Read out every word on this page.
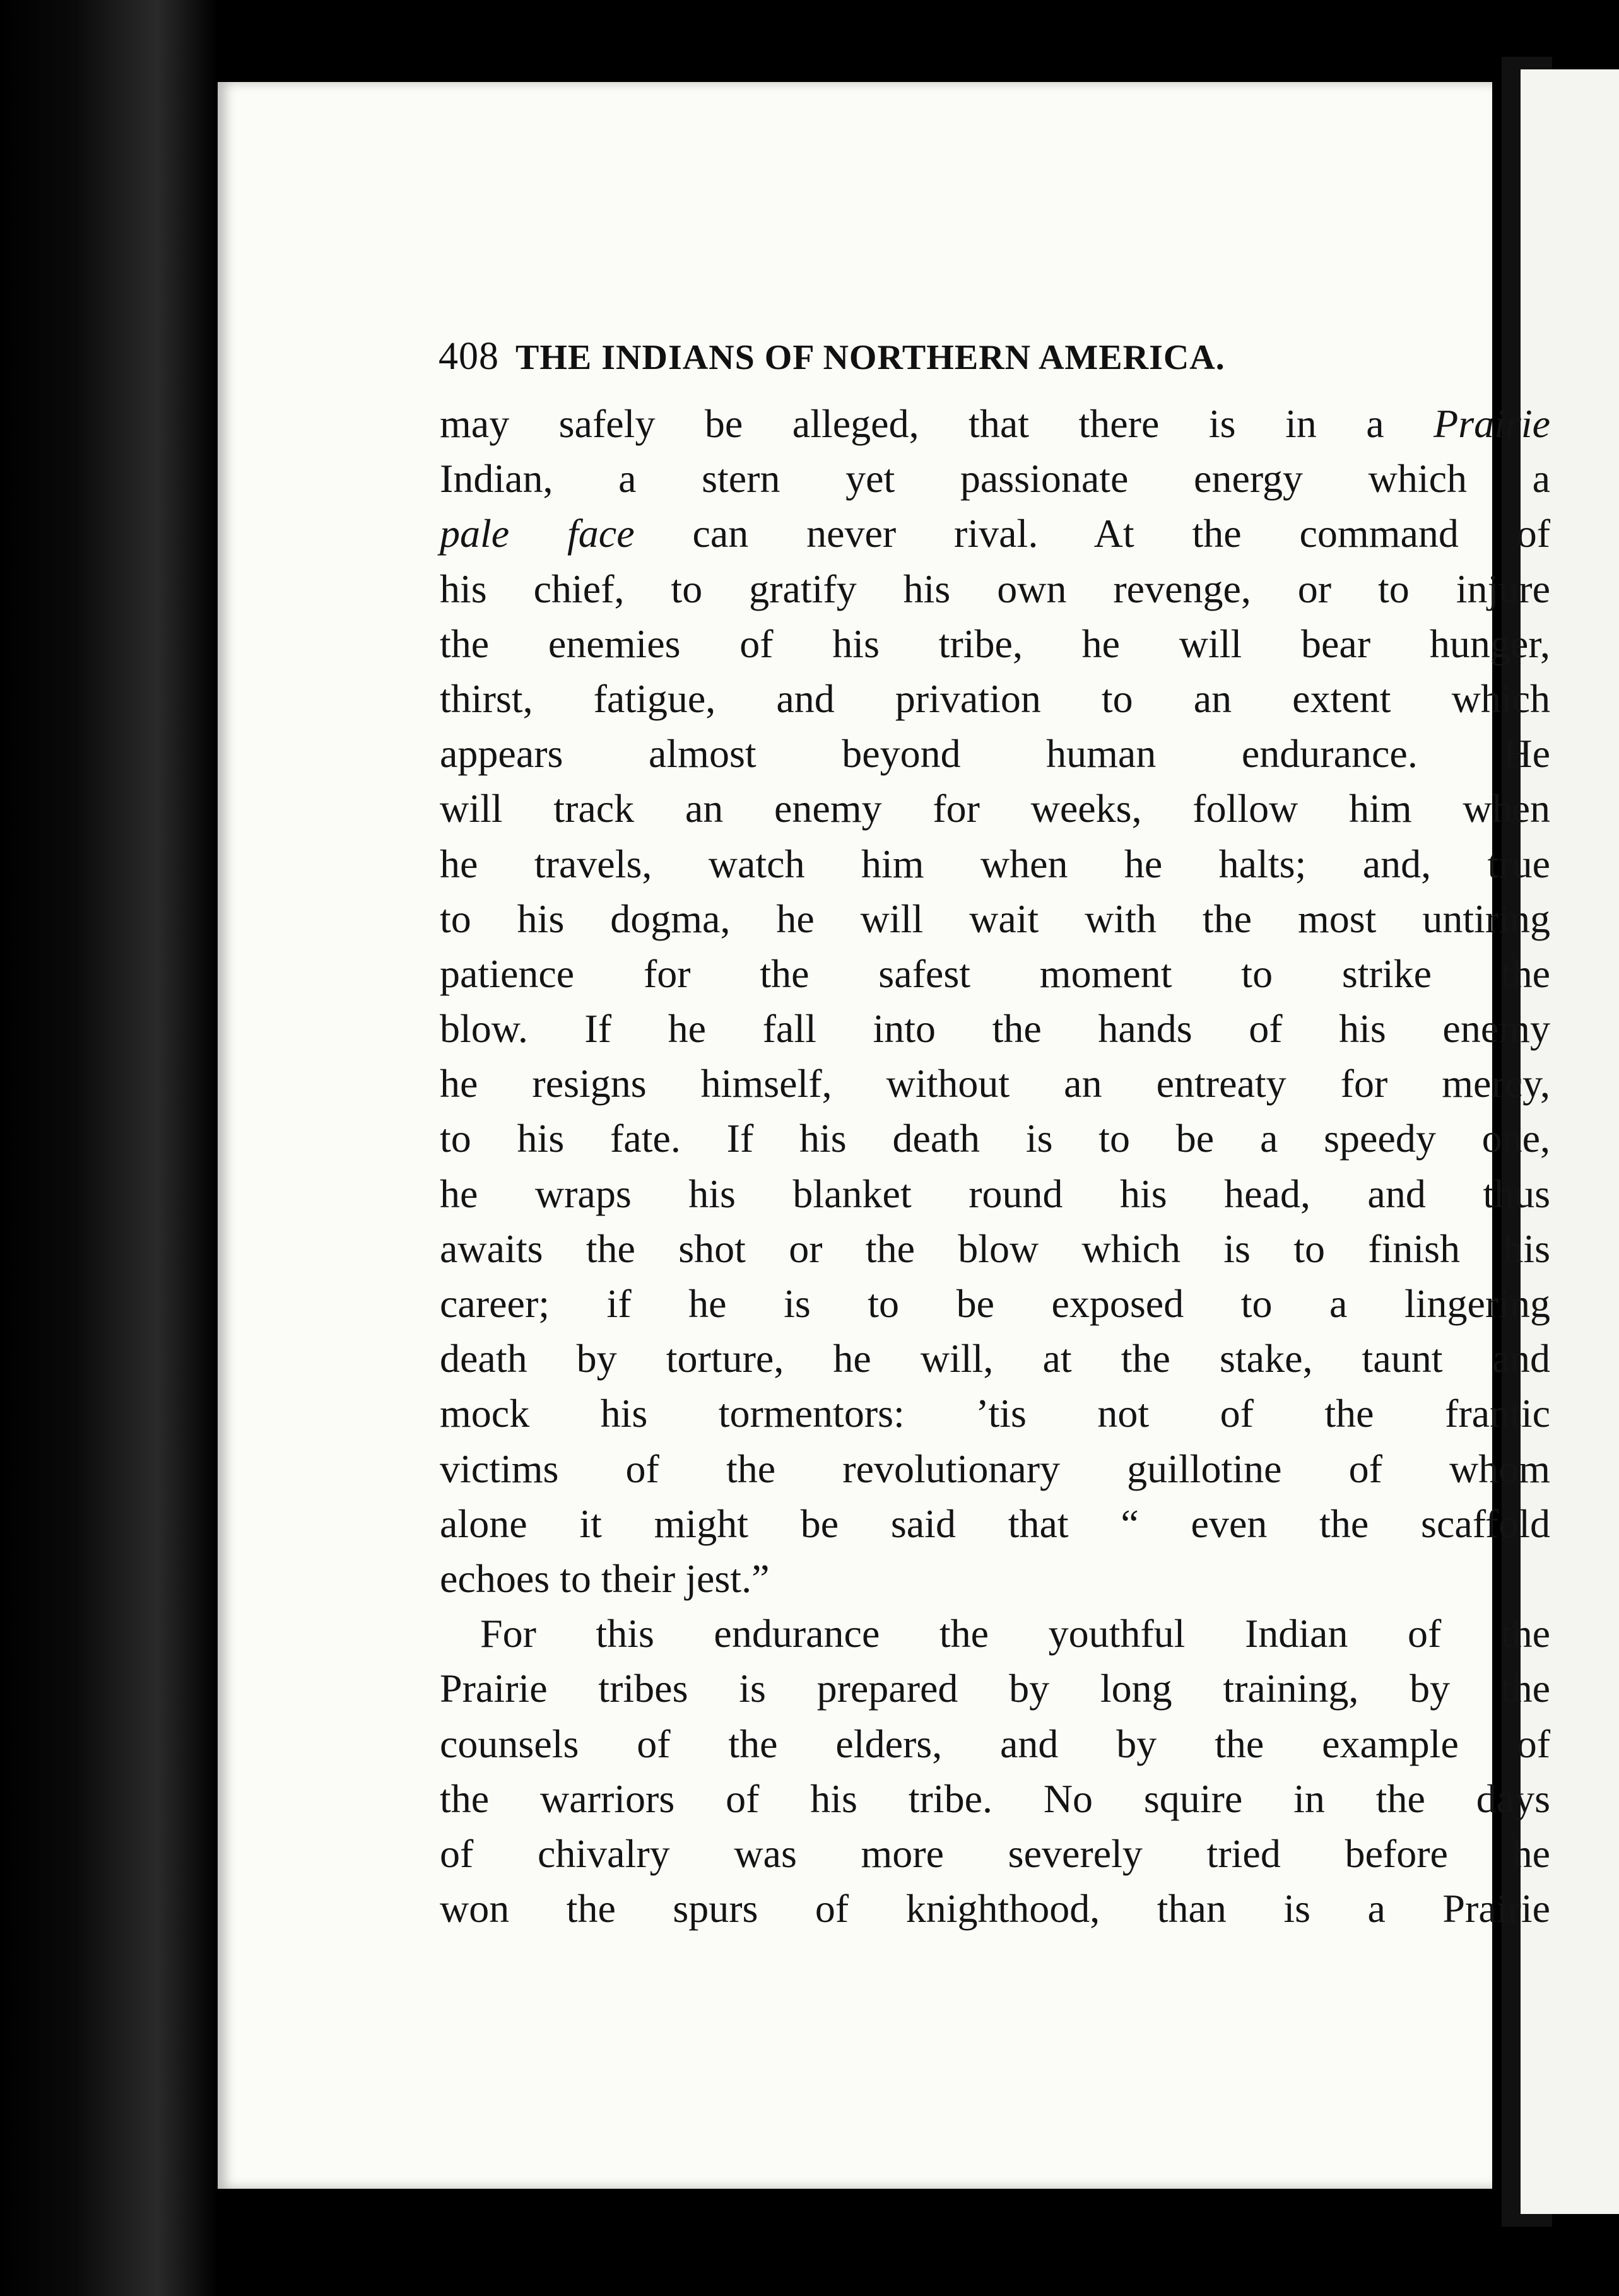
408 THE INDIANS OF NORTHERN AMERICA.
may safely be alleged, that there is in a Prairie
Indian, a stern yet passionate energy which a
pale face can never rival. At the command of
his chief, to gratify his own revenge, or to injure
the enemies of his tribe, he will bear hunger,
thirst, fatigue, and privation to an extent which
appears almost beyond human endurance. He
will track an enemy for weeks, follow him when
he travels, watch him when he halts; and, true
to his dogma, he will wait with the most untiring
patience for the safest moment to strike the
blow. If he fall into the hands of his enemy
he resigns himself, without an entreaty for mercy,
to his fate. If his death is to be a speedy one,
he wraps his blanket round his head, and thus
awaits the shot or the blow which is to finish his
career; if he is to be exposed to a lingering
death by torture, he will, at the stake, taunt and
mock his tormentors: ’tis not of the frantic
victims of the revolutionary guillotine of whom
alone it might be said that “ even the scaffold
echoes to their jest.”
For this endurance the youthful Indian of the
Prairie tribes is prepared by long training, by the
counsels of the elders, and by the example of
the warriors of his tribe. No squire in the days
of chivalry was more severely tried before he
won the spurs of knighthood, than is a Prairie
